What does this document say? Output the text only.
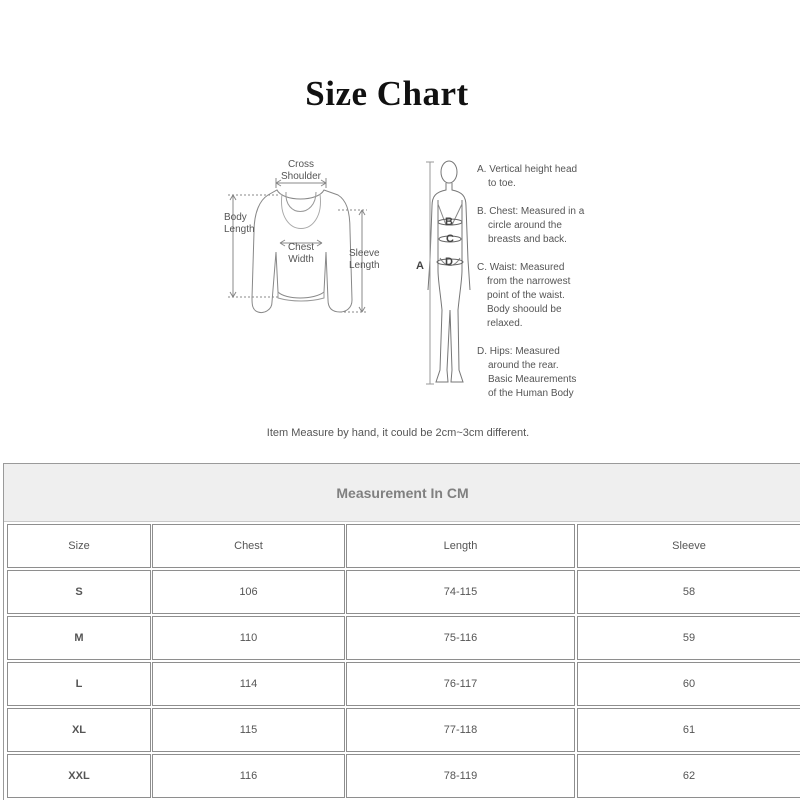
Size Chart
Cross
Shoulder
Body
Length
Chest
Width
Sleeve
Length	A
B
C
D
A. Vertical height head
to toe.
B. Chest: Measured in a
circle around the
breasts and back.
C. Waist: Measured
from the narrowest
point of the waist.
Body shoould be
relaxed.
D. Hips: Measured
around the rear.
Basic Meaurements
of the Human Body
Item Measure by hand, it could be 2cm~3cm different.
Measurement In CM
Size	Chest	Length	Sleeve
S	106	74-115	58
M	110	75-116	59
L	114	76-117	60
XL	115	77-118	61
XXL	116	78-119	62
